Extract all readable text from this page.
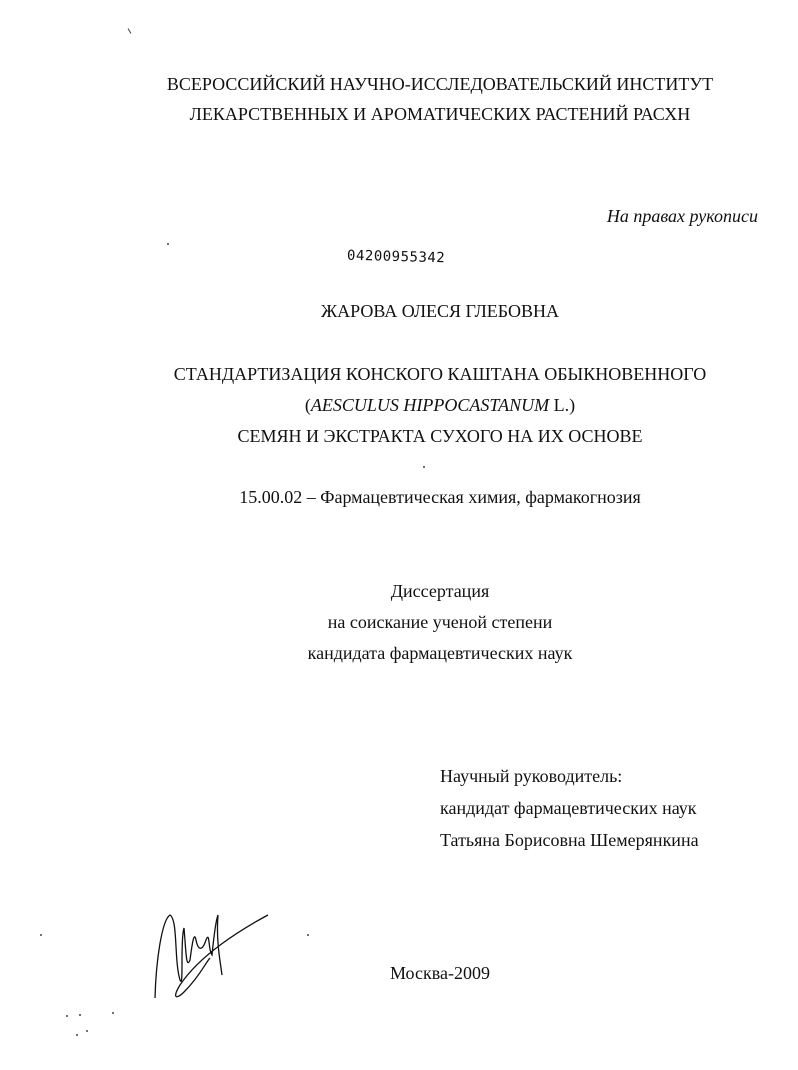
ВСЕРОССИЙСКИЙ НАУЧНО-ИССЛЕДОВАТЕЛЬСКИЙ ИНСТИТУТ
ЛЕКАРСТВЕННЫХ И АРОМАТИЧЕСКИХ РАСТЕНИЙ РАСХН
На правах рукописи
04200955342
ЖАРОВА ОЛЕСЯ ГЛЕБОВНА
СТАНДАРТИЗАЦИЯ КОНСКОГО КАШТАНА ОБЫКНОВЕННОГО
(AESCULUS HIPPOCASTANUM L.)
СЕМЯН И ЭКСТРАКТА СУХОГО НА ИХ ОСНОВЕ
15.00.02 – Фармацевтическая химия, фармакогнозия
Диссертация
на соискание ученой степени
кандидата фармацевтических наук
Научный руководитель:
кандидат фармацевтических наук
Татьяна Борисовна Шемерянкина
Москва-2009
